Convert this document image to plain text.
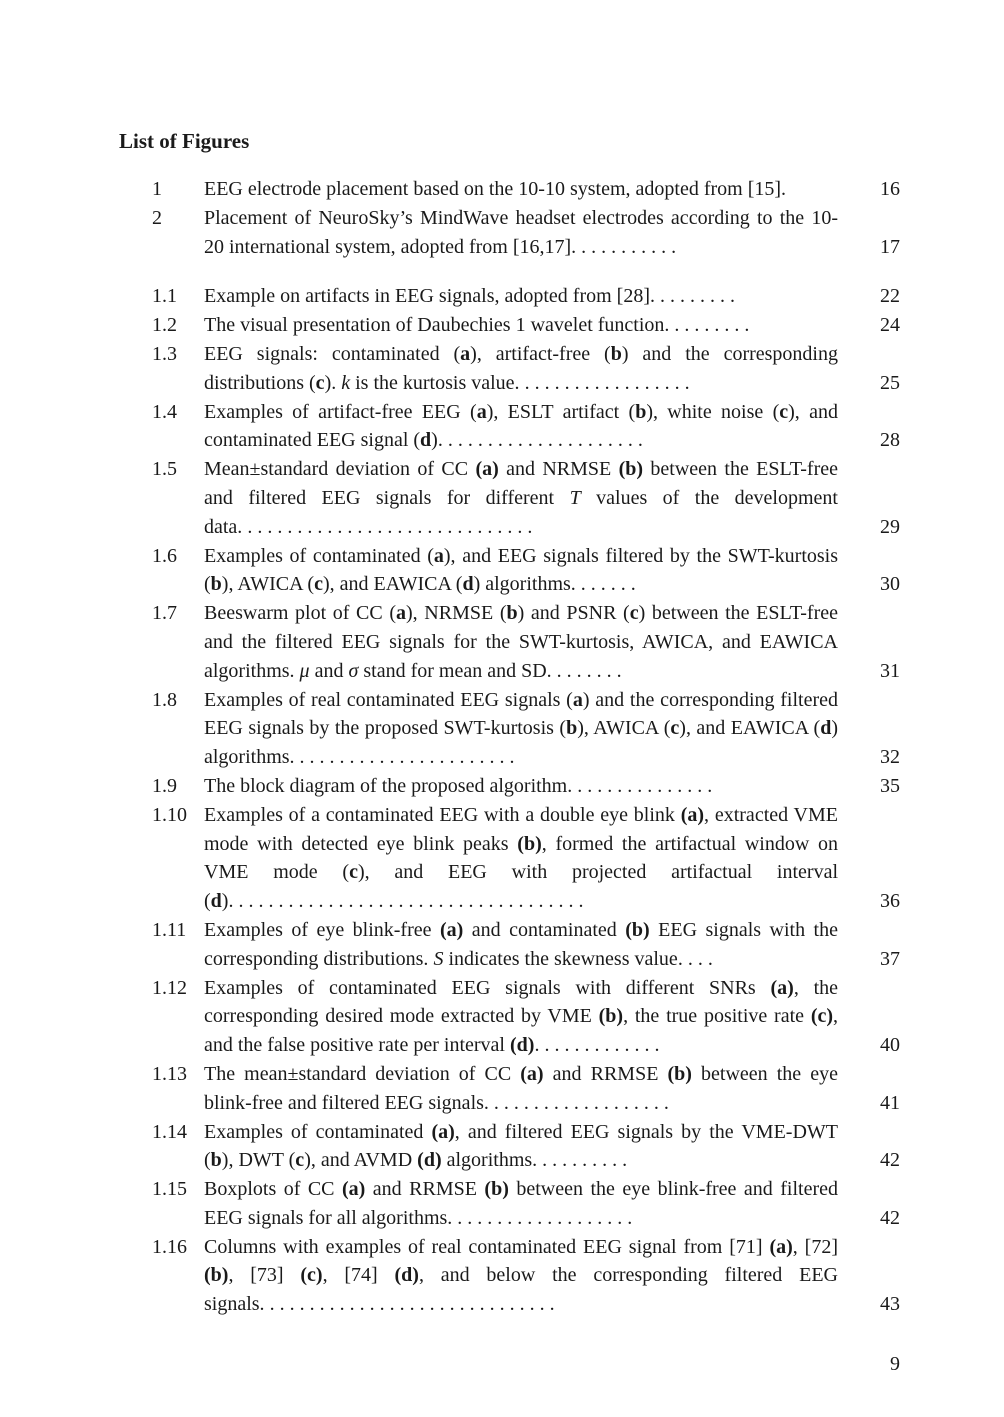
List of Figures
1	EEG electrode placement based on the 10-10 system, adopted from [15].	16
2	Placement of NeuroSky’s MindWave headset electrodes according to the 10-20 international system, adopted from [16,17]. . . . . . . . . . .	17
1.1	Example on artifacts in EEG signals, adopted from [28]. . . . . . . . .	22
1.2	The visual presentation of Daubechies 1 wavelet function. . . . . . . . .	24
1.3	EEG signals: contaminated (a), artifact-free (b) and the corresponding distributions (c). k is the kurtosis value. . . . . . . . . . . . . . . . . .	25
1.4	Examples of artifact-free EEG (a), ESLT artifact (b), white noise (c), and contaminated EEG signal (d). . . . . . . . . . . . . . . . . . . . .	28
1.5	Mean±standard deviation of CC (a) and NRMSE (b) between the ESLT-free and filtered EEG signals for different T values of the development data. . . . . . . . . . . . . . . . . . . . . . . . . . . . . .	29
1.6	Examples of contaminated (a), and EEG signals filtered by the SWT-kurtosis (b), AWICA (c), and EAWICA (d) algorithms. . . . . . .	30
1.7	Beeswarm plot of CC (a), NRMSE (b) and PSNR (c) between the ESLT-free and the filtered EEG signals for the SWT-kurtosis, AWICA, and EAWICA algorithms. μ and σ stand for mean and SD. . . . . . . .	31
1.8	Examples of real contaminated EEG signals (a) and the corresponding filtered EEG signals by the proposed SWT-kurtosis (b), AWICA (c), and EAWICA (d) algorithms. . . . . . . . . . . . . . . . . . . . . . .	32
1.9	The block diagram of the proposed algorithm. . . . . . . . . . . . . . .	35
1.10 Examples of a contaminated EEG with a double eye blink (a), extracted VME mode with detected eye blink peaks (b), formed the artifactual window on VME mode (c), and EEG with projected artifactual interval (d). . . . . . . . . . . . . . . . . . . . . . . . . . . . . . . . . . . .	36
1.11 Examples of eye blink-free (a) and contaminated (b) EEG signals with the corresponding distributions. S indicates the skewness value. . . .	37
1.12 Examples of contaminated EEG signals with different SNRs (a), the corresponding desired mode extracted by VME (b), the true positive rate (c), and the false positive rate per interval (d). . . . . . . . . . . . .	40
1.13 The mean±standard deviation of CC (a) and RRMSE (b) between the eye blink-free and filtered EEG signals. . . . . . . . . . . . . . . . . . .	41
1.14 Examples of contaminated (a), and filtered EEG signals by the VME-DWT (b), DWT (c), and AVMD (d) algorithms. . . . . . . . . .	42
1.15 Boxplots of CC (a) and RRMSE (b) between the eye blink-free and filtered EEG signals for all algorithms. . . . . . . . . . . . . . . . . . .	42
1.16 Columns with examples of real contaminated EEG signal from [71] (a), [72] (b), [73] (c), [74] (d), and below the corresponding filtered EEG signals. . . . . . . . . . . . . . . . . . . . . . . . . . . . . .	43
9
